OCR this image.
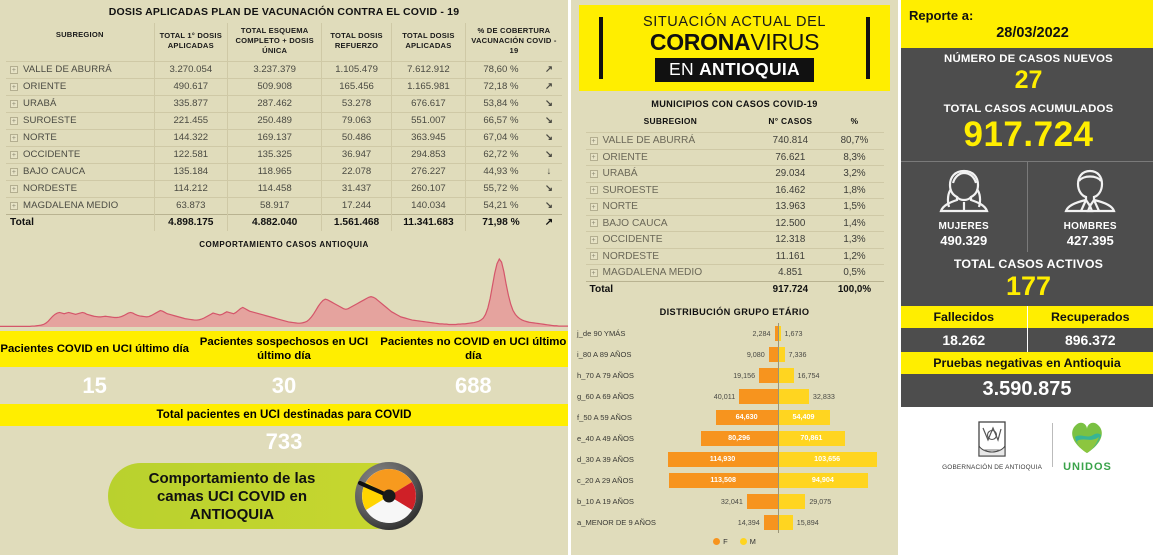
DOSIS APLICADAS PLAN DE VACUNACIÓN CONTRA EL COVID - 19
SUBREGION	TOTAL 1° DOSIS APLICADAS	TOTAL ESQUEMA COMPLETO + DOSIS ÚNICA	TOTAL DOSIS REFUERZO	TOTAL DOSIS APLICADAS	% DE COBERTURA VACUNACIÓN COVID - 19	
+ VALLE DE ABURRÁ	3.270.054	3.237.379	1.105.479	7.612.912	78,60 %	↗
+ ORIENTE	490.617	509.908	165.456	1.165.981	72,18 %	↗
+ URABÁ	335.877	287.462	53.278	676.617	53,84 %	↘
+ SUROESTE	221.455	250.489	79.063	551.007	66,57 %	↘
+ NORTE	144.322	169.137	50.486	363.945	67,04 %	↘
+ OCCIDENTE	122.581	135.325	36.947	294.853	62,72 %	↘
+ BAJO CAUCA	135.184	118.965	22.078	276.227	44,93 %	↓
+ NORDESTE	114.212	114.458	31.437	260.107	55,72 %	↘
+ MAGDALENA MEDIO	63.873	58.917	17.244	140.034	54,21 %	↘
Total	4.898.175	4.882.040	1.561.468	11.341.683	71,98 %	↗
COMPORTAMIENTO CASOS ANTIOQUIA
Pacientes COVID en UCI último día
Pacientes sospechosos en UCI último día
Pacientes no COVID en UCI último día
15	30	688
Total pacientes en UCI destinadas para COVID
733
Comportamiento de las
camas UCI COVID en
ANTIOQUIA
SITUACIÓN ACTUAL DEL
CORONAVIRUS
EN ANTIOQUIA
MUNICIPIOS CON CASOS COVID-19
SUBREGION	N° CASOS	%
+ VALLE DE ABURRÁ	740.814	80,7%
+ ORIENTE	76.621	8,3%
+ URABÁ	29.034	3,2%
+ SUROESTE	16.462	1,8%
+ NORTE	13.963	1,5%
+ BAJO CAUCA	12.500	1,4%
+ OCCIDENTE	12.318	1,3%
+ NORDESTE	11.161	1,2%
+ MAGDALENA MEDIO	4.851	0,5%
Total	917.724	100,0%
DISTRIBUCIÓN GRUPO ETÁRIO
j_de 90 YMÁS	2,284 1,673
i_80 A 89 AÑOS	9,080	7,336
h_70 A 79 AÑOS	19,156	16,754
g_60 A 69 AÑOS	40,011	32,833
f_50 A 59 AÑOS	64,630	54,409
e_40 A 49 AÑOS	80,296	70,861
d_30 A 39 AÑOS	114,930	103,656
c_20 A 29 AÑOS	113,508	94,904
b_10 A 19 AÑOS	32,041	29,075
a_MENOR DE 9 AÑOS	14,394	15,894
F	M
Reporte a:
28/03/2022
NÚMERO DE CASOS NUEVOS
27
TOTAL CASOS ACUMULADOS
917.724
MUJERES
490.329
HOMBRES
427.395
TOTAL CASOS ACTIVOS
177
Fallecidos	Recuperados
18.262	896.372
Pruebas negativas en Antioquia
3.590.875
GOBERNACIÓN DE ANTIOQUIA UNIDOS
